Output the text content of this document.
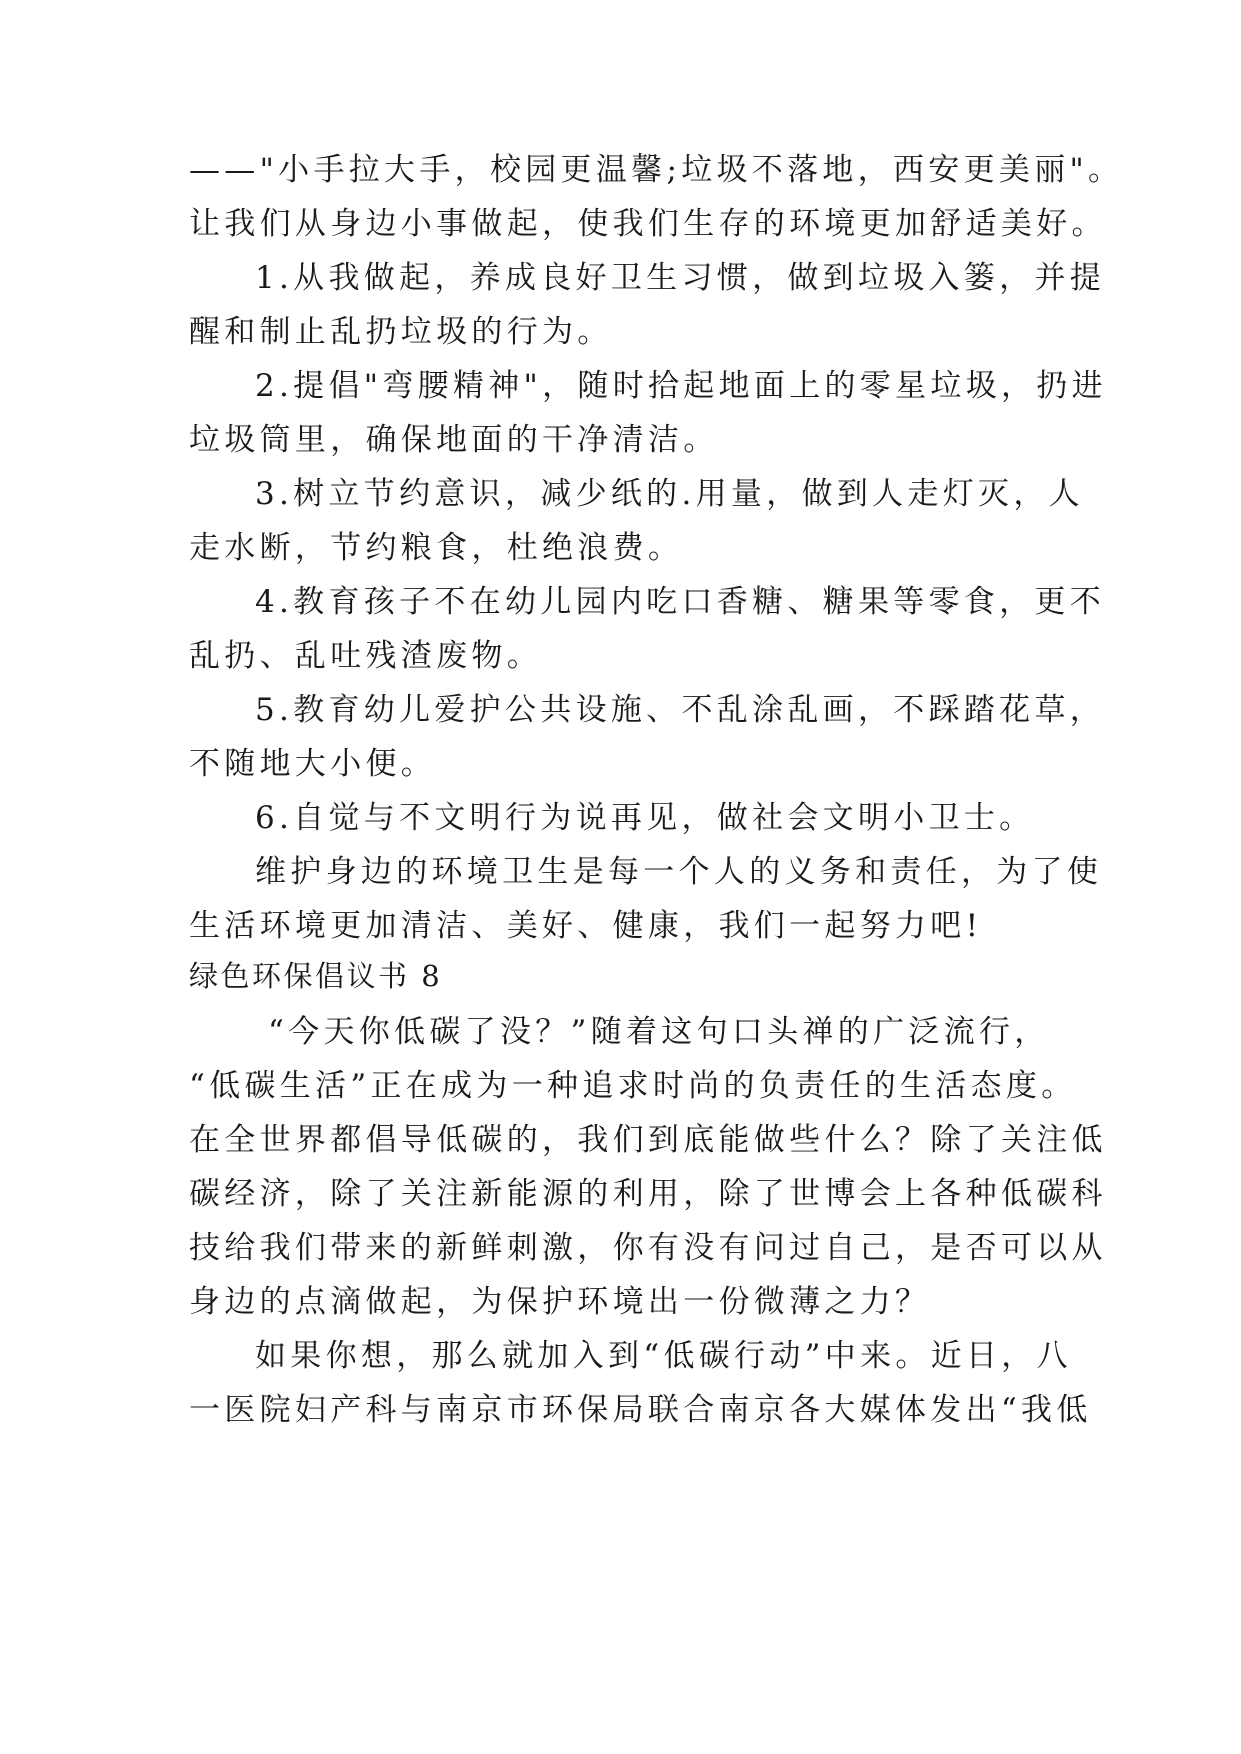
——"小手拉大手，校园更温馨;垃圾不落地，西安更美丽"。
让我们从身边小事做起，使我们生存的环境更加舒适美好。
1.从我做起，养成良好卫生习惯，做到垃圾入篓，并提
醒和制止乱扔垃圾的行为。
2.提倡"弯腰精神"，随时拾起地面上的零星垃圾，扔进
垃圾筒里，确保地面的干净清洁。
3.树立节约意识，减少纸的.用量，做到人走灯灭，人
走水断，节约粮食，杜绝浪费。
4.教育孩子不在幼儿园内吃口香糖、糖果等零食，更不
乱扔、乱吐残渣废物。
5.教育幼儿爱护公共设施、不乱涂乱画，不踩踏花草，
不随地大小便。
6.自觉与不文明行为说再见，做社会文明小卫士。
维护身边的环境卫生是每一个人的义务和责任，为了使
生活环境更加清洁、美好、健康，我们一起努力吧!
绿色环保倡议书 8
“今天你低碳了没？”随着这句口头禅的广泛流行，
“低碳生活”正在成为一种追求时尚的负责任的生活态度。
在全世界都倡导低碳的，我们到底能做些什么？除了关注低
碳经济，除了关注新能源的利用，除了世博会上各种低碳科
技给我们带来的新鲜刺激，你有没有问过自己，是否可以从
身边的点滴做起，为保护环境出一份微薄之力？
如果你想，那么就加入到“低碳行动”中来。近日，八
一医院妇产科与南京市环保局联合南京各大媒体发出“我低
